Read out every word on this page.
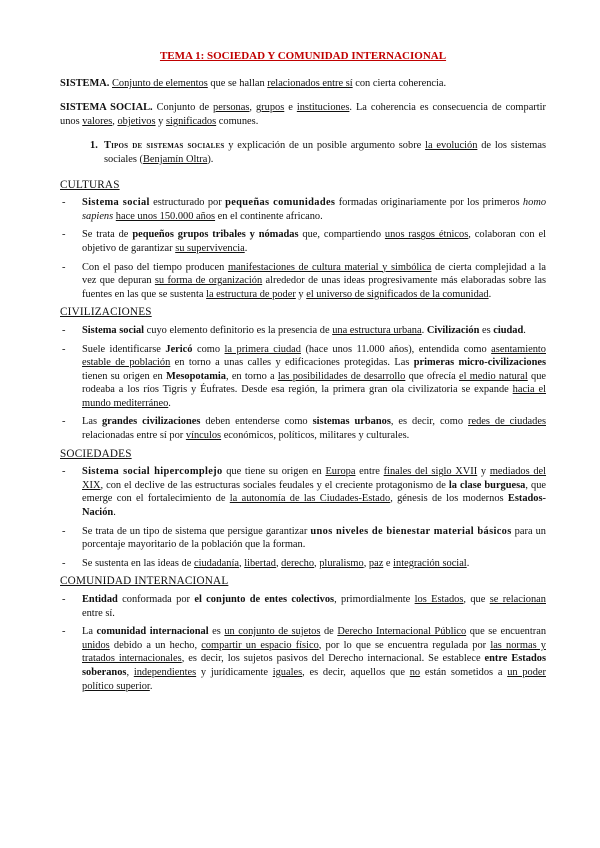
TEMA 1: SOCIEDAD Y COMUNIDAD INTERNACIONAL

SISTEMA. Conjunto de elementos que se hallan relacionados entre sí con cierta coherencia.

SISTEMA SOCIAL. Conjunto de personas, grupos e instituciones. La coherencia es consecuencia de compartir unos valores, objetivos y significados comunes.

1. Tipos de sistemas sociales y explicación de un posible argumento sobre la evolución de los sistemas sociales (Benjamín Oltra).

CULTURAS
-	Sistema social estructurado por pequeñas comunidades formadas originariamente por los primeros homo sapiens hace unos 150.000 años en el continente africano.

-	Se trata de pequeños grupos tribales y nómadas que, compartiendo unos rasgos étnicos, colaboran con el objetivo de garantizar su supervivencia.

-	Con el paso del tiempo producen manifestaciones de cultura material y simbólica de cierta complejidad a la vez que depuran su forma de organización alrededor de unas ideas progresivamente más elaboradas sobre las fuentes en las que se sustenta la estructura de poder y el universo de significados de la comunidad.

CIVILIZACIONES
-	Sistema social cuyo elemento definitorio es la presencia de una estructura urbana. Civilización es ciudad.

-	Suele identificarse Jericó como la primera ciudad (hace unos 11.000 años), entendida como asentamiento estable de población en torno a unas calles y edificaciones protegidas. Las primeras micro-civilizaciones tienen su origen en Mesopotamia, en torno a las posibilidades de desarrollo que ofrecía el medio natural que rodeaba a los ríos Tigris y Éufrates. Desde esa región, la primera gran ola civilizatoria se expande hacia el mundo mediterráneo.

-	Las grandes civilizaciones deben entenderse como sistemas urbanos, es decir, como redes de ciudades relacionadas entre sí por vínculos económicos, políticos, militares y culturales.

SOCIEDADES
-	Sistema social hipercomplejo que tiene su origen en Europa entre finales del siglo XVII y mediados del XIX, con el declive de las estructuras sociales feudales y el creciente protagonismo de la clase burguesa, que emerge con el fortalecimiento de la autonomía de las Ciudades-Estado, génesis de los modernos Estados-Nación.

-	Se trata de un tipo de sistema que persigue garantizar unos niveles de bienestar material básicos para un porcentaje mayoritario de la población que la forman.

-	Se sustenta en las ideas de ciudadanía, libertad, derecho, pluralismo, paz e integración social.

COMUNIDAD INTERNACIONAL
-	Entidad conformada por el conjunto de entes colectivos, primordialmente los Estados, que se relacionan entre sí.

-	La comunidad internacional es un conjunto de sujetos de Derecho Internacional Público que se encuentran unidos debido a un hecho, compartir un espacio físico, por lo que se encuentra regulada por las normas y tratados internacionales, es decir, los sujetos pasivos del Derecho internacional. Se establece entre Estados soberanos, independientes y jurídicamente iguales, es decir, aquellos que no están sometidos a un poder político superior.
